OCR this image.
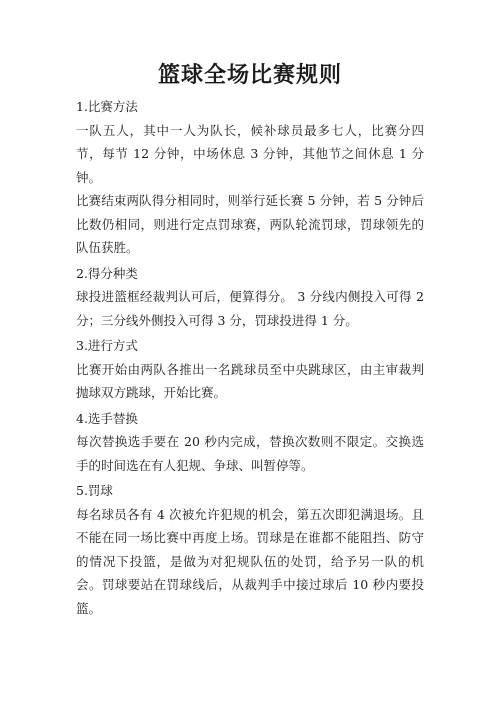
篮球全场比赛规则

1.比赛方法

一队五人，其中一人为队长，候补球员最多七人，比赛分四节，每节 12 分钟，中场休息 3 分钟，其他节之间休息 1 分钟。

比赛结束两队得分相同时，则举行延长赛 5 分钟，若 5 分钟后比数仍相同，则进行定点罚球赛，两队轮流罚球，罚球领先的队伍获胜。

2.得分种类

球投进篮框经裁判认可后，便算得分。 3 分线内侧投入可得 2 分；三分线外侧投入可得 3 分，罚球投进得 1 分。

3.进行方式

比赛开始由两队各推出一名跳球员至中央跳球区，由主审裁判抛球双方跳球，开始比赛。

4.选手替换

每次替换选手要在 20 秒内完成，替换次数则不限定。交换选手的时间选在有人犯规、争球、叫暂停等。

5.罚球

每名球员各有 4 次被允许犯规的机会，第五次即犯满退场。且不能在同一场比赛中再度上场。罚球是在谁都不能阻挡、防守的情况下投篮，是做为对犯规队伍的处罚，给予另一队的机会。罚球要站在罚球线后，从裁判手中接过球后 10 秒内要投篮。
